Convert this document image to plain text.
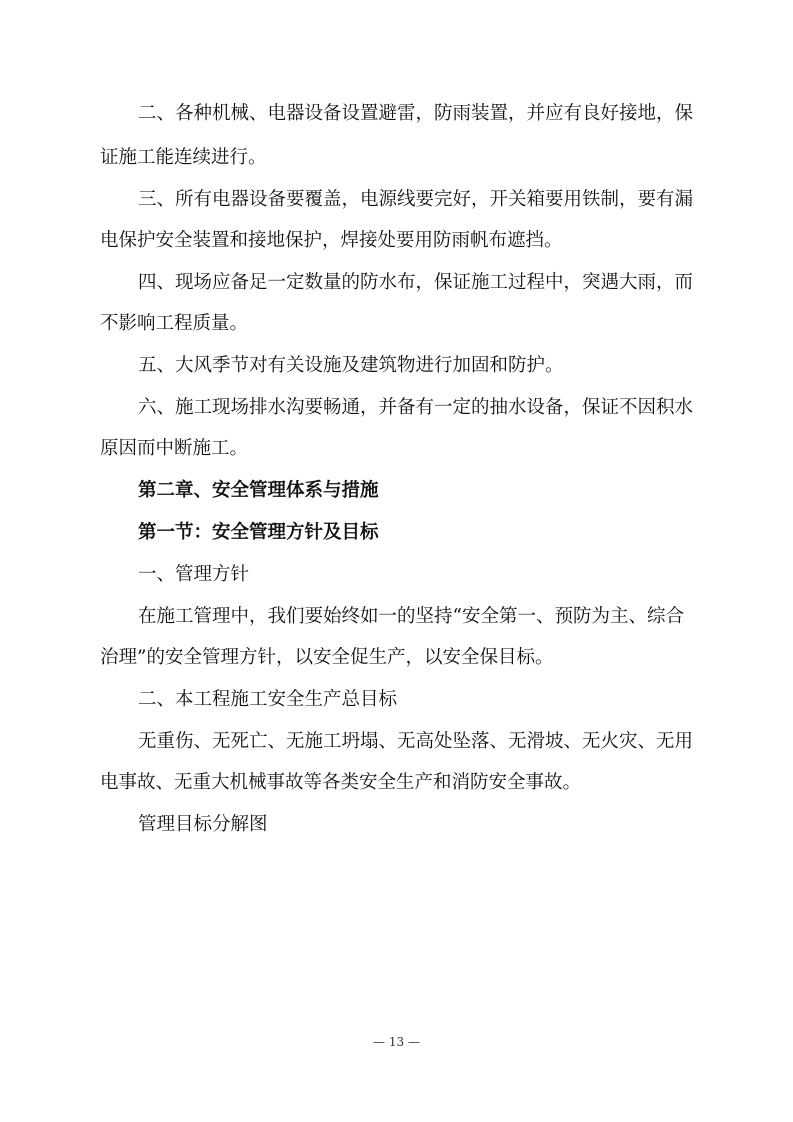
二、各种机械、电器设备设置避雷，防雨装置，并应有良好接地，保
证施工能连续进行。
三、所有电器设备要覆盖，电源线要完好，开关箱要用铁制，要有漏
电保护安全装置和接地保护，焊接处要用防雨帆布遮挡。
四、现场应备足一定数量的防水布，保证施工过程中，突遇大雨，而
不影响工程质量。
五、大风季节对有关设施及建筑物进行加固和防护。
六、施工现场排水沟要畅通，并备有一定的抽水设备，保证不因积水
原因而中断施工。
第二章、安全管理体系与措施
第一节：安全管理方针及目标
一、管理方针
在施工管理中，我们要始终如一的坚持“安全第一、预防为主、综合
治理”的安全管理方针，以安全促生产，以安全保目标。
二、本工程施工安全生产总目标
无重伤、无死亡、无施工坍塌、无高处坠落、无滑坡、无火灾、无用
电事故、无重大机械事故等各类安全生产和消防安全事故。
管理目标分解图
— 13 —
